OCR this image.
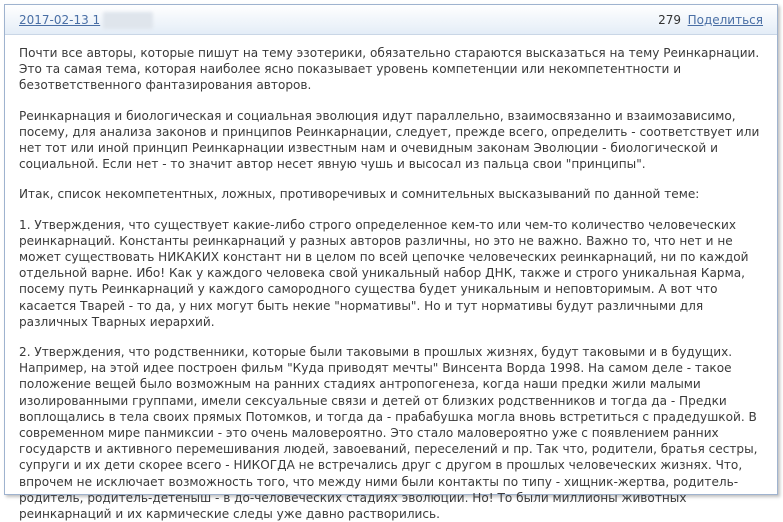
2017-02-13 1	279 Поделиться

Почти все авторы, которые пишут на тему эзотерики, обязательно стараются высказаться на тему Реинкарнации. Это та самая тема, которая наиболее ясно показывает уровень компетенции или некомпетентности и безответственного фантазирования авторов.

Реинкарнация и биологическая и социальная эволюция идут параллельно, взаимосвязанно и взаимозависимо, посему, для анализа законов и принципов Реинкарнации, следует, прежде всего, определить - соответствует или нет тот или иной принцип Реинкарнации известным нам и очевидным законам Эволюции - биологической и социальной. Если нет - то значит автор несет явную чушь и высосал из пальца свои "принципы".

Итак, список некомпетентных, ложных, противоречивых и сомнительных высказываний по данной теме:

1. Утверждения, что существует какие-либо строго определенное кем-то или чем-то количество человеческих реинкарнаций. Константы реинкарнаций у разных авторов различны, но это не важно. Важно то, что нет и не может существовать НИКАКИХ констант ни в целом по всей цепочке человеческих реинкарнаций, ни по каждой отдельной варне. Ибо! Как у каждого человека свой уникальный набор ДНК, также и строго уникальная Карма, посему путь Реинкарнаций у каждого самородного существа будет уникальным и неповторимым. А вот что касается Тварей - то да, у них могут быть некие "нормативы". Но и тут нормативы будут различными для различных Тварных иерархий.

2. Утверждения, что родственники, которые были таковыми в прошлых жизнях, будут таковыми и в будущих. Например, на этой идее построен фильм "Куда приводят мечты" Винсента Ворда 1998. На самом деле - такое положение вещей было возможным на ранних стадиях антропогенеза, когда наши предки жили малыми изолированными группами, имели сексуальные связи и детей от близких родственников и тогда да - Предки воплощались в тела своих прямых Потомков, и тогда да - прабабушка могла вновь встретиться с прадедушкой. В современном мире панмиксии - это очень маловероятно. Это стало маловероятно уже с появлением ранних государств и активного перемешивания людей, завоеваний, переселений и пр. Так что, родители, братья сестры, супруги и их дети скорее всего - НИКОГДА не встречались друг с другом в прошлых человеческих жизнях. Что, впрочем не исключает возможность того, что между ними были контакты по типу - хищник-жертва, родитель-родитель, родитель-детеныш - в до-человеческих стадиях эволюции. Но! То были миллионы животных реинкарнаций и их кармические следы уже давно растворились.
